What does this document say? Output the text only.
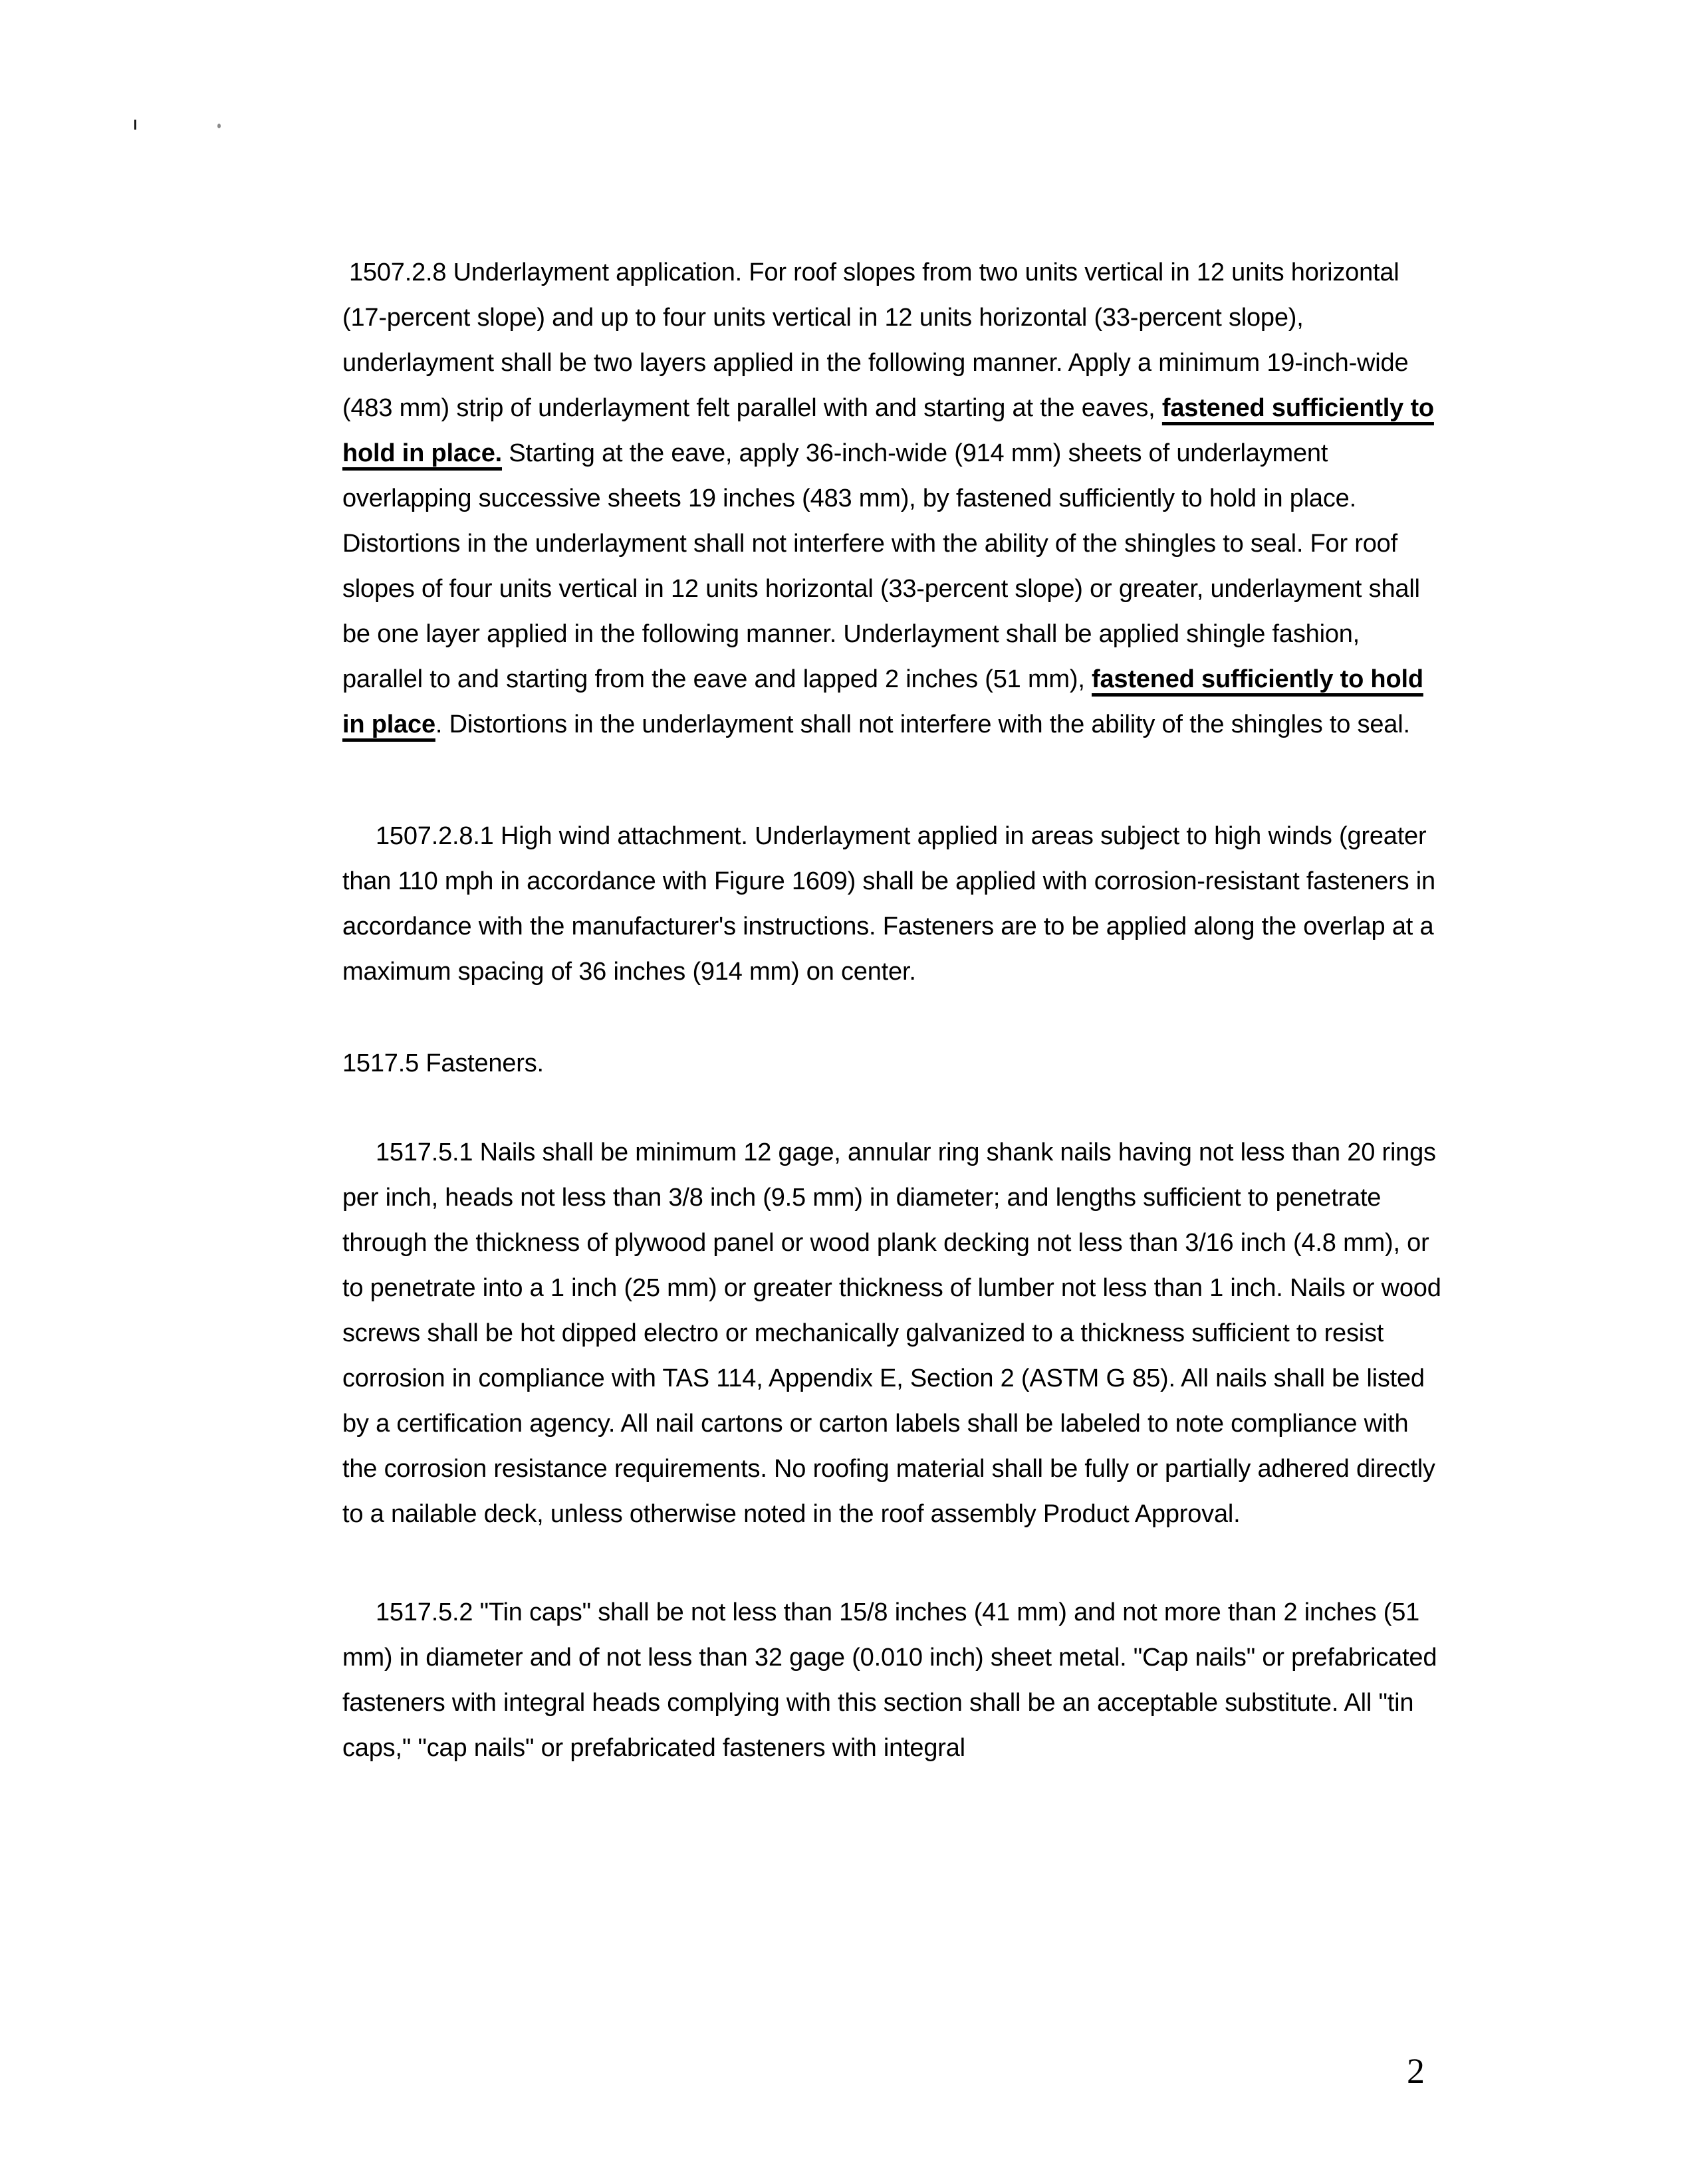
1507.2.8 Underlayment application. For roof slopes from two units vertical in 12 units horizontal (17-percent slope) and up to four units vertical in 12 units horizontal (33-percent slope), underlayment shall be two layers applied in the following manner. Apply a minimum 19-inch-wide (483 mm) strip of underlayment felt parallel with and starting at the eaves, fastened sufficiently to hold in place. Starting at the eave, apply 36-inch-wide (914 mm) sheets of underlayment overlapping successive sheets 19 inches (483 mm), by fastened sufficiently to hold in place. Distortions in the underlayment shall not interfere with the ability of the shingles to seal. For roof slopes of four units vertical in 12 units horizontal (33-percent slope) or greater, underlayment shall be one layer applied in the following manner. Underlayment shall be applied shingle fashion, parallel to and starting from the eave and lapped 2 inches (51 mm), fastened sufficiently to hold in place. Distortions in the underlayment shall not interfere with the ability of the shingles to seal.

1507.2.8.1 High wind attachment. Underlayment applied in areas subject to high winds (greater than 110 mph in accordance with Figure 1609) shall be applied with corrosion-resistant fasteners in accordance with the manufacturer's instructions. Fasteners are to be applied along the overlap at a maximum spacing of 36 inches (914 mm) on center.

1517.5 Fasteners.

1517.5.1 Nails shall be minimum 12 gage, annular ring shank nails having not less than 20 rings per inch, heads not less than 3/8 inch (9.5 mm) in diameter; and lengths sufficient to penetrate through the thickness of plywood panel or wood plank decking not less than 3/16 inch (4.8 mm), or to penetrate into a 1 inch (25 mm) or greater thickness of lumber not less than 1 inch. Nails or wood screws shall be hot dipped electro or mechanically galvanized to a thickness sufficient to resist corrosion in compliance with TAS 114, Appendix E, Section 2 (ASTM G 85). All nails shall be listed by a certification agency. All nail cartons or carton labels shall be labeled to note compliance with the corrosion resistance requirements. No roofing material shall be fully or partially adhered directly to a nailable deck, unless otherwise noted in the roof assembly Product Approval.

1517.5.2 "Tin caps" shall be not less than 15/8 inches (41 mm) and not more than 2 inches (51 mm) in diameter and of not less than 32 gage (0.010 inch) sheet metal. "Cap nails" or prefabricated fasteners with integral heads complying with this section shall be an acceptable substitute. All "tin caps," "cap nails" or prefabricated fasteners with integral

2
